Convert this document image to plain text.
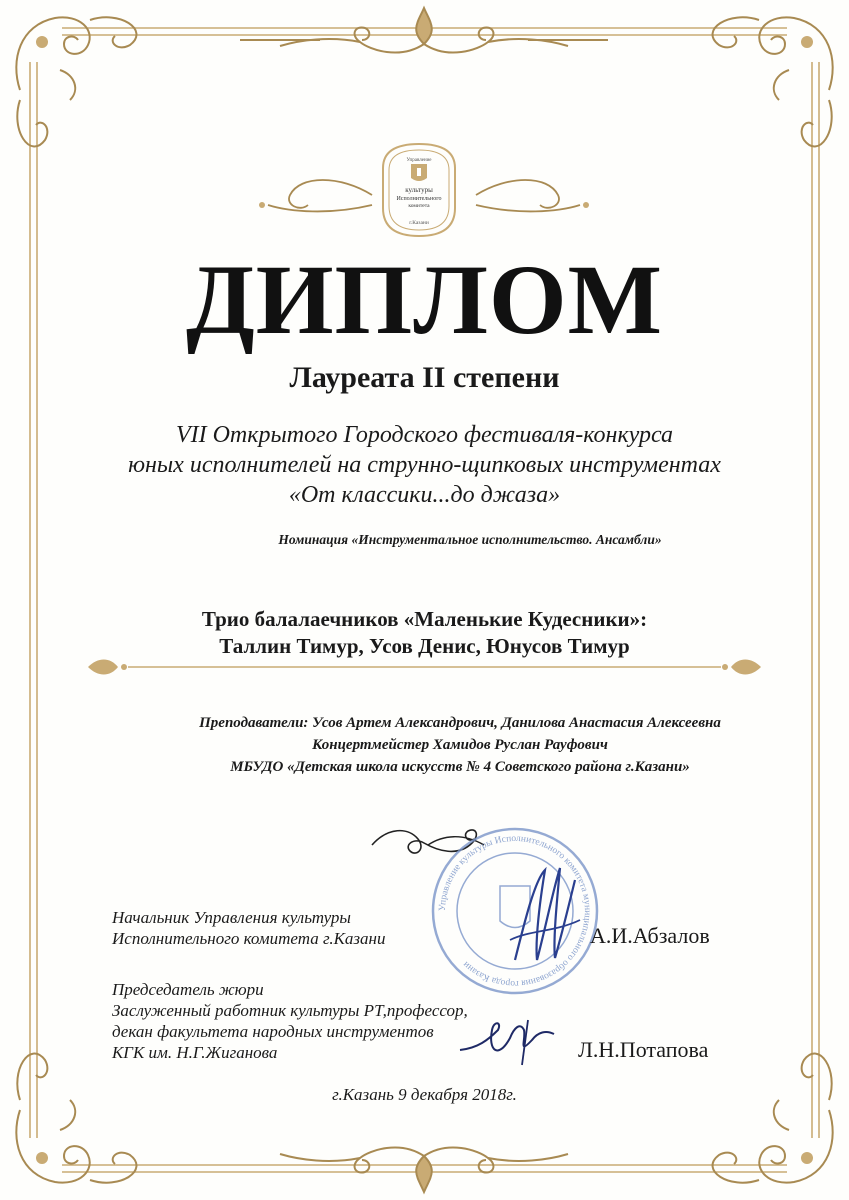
Управление
культуры
Исполнительного
комитета
г.Казани
ДИПЛОМ
Лауреата II степени
VII Открытого Городского фестиваля-конкурса
юных исполнителей на струнно-щипковых инструментах
«От классики...до джаза»
Номинация «Инструментальное исполнительство. Ансамбли»
Трио балалаечников «Маленькие Кудесники»:
Таллин Тимур, Усов Денис, Юнусов Тимур
Преподаватели: Усов Артем Александрович, Данилова Анастасия Алексеевна
Концертмейстер Хамидов Руслан Рауфович
МБУДО «Детская школа искусств № 4 Советского района г.Казани»
Управление культуры Исполнительного комитета муниципального образования города Казани
Начальник Управления культуры
Исполнительного комитета г.Казани	А.И.Абзалов
Председатель жюри
Заслуженный работник культуры РТ,профессор,
декан факультета народных инструментов
КГК им. Н.Г.Жиганова	Л.Н.Потапова
г.Казань 9 декабря 2018г.
